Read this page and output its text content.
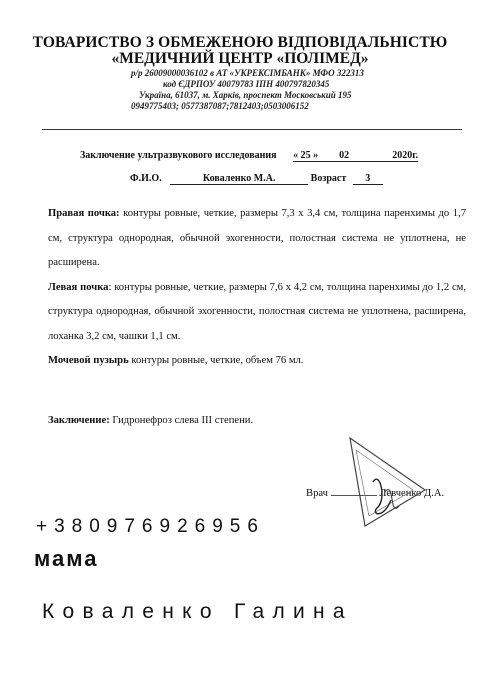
ТОВАРИСТВО З ОБМЕЖЕНОЮ ВІДПОВІДАЛЬНІСТЮ
«МЕДИЧНИЙ ЦЕНТР «ПОЛІМЕД»
р/р 26009000036102 в АТ «УКРЕКСІМБАНК» МФО 322313
код ЄДРПОУ 40079783 ІПН 400797820345
Україна, 61037, м. Харків, проспект Московський 195
0949775403; 0577387087;7812403;0503006152
Заключение ультразвукового исследования « 25 » 02	2020г.
Ф.И.О.	Коваленко М.А.	Возраст 3

Правая почка: контуры ровные, четкие, размеры 7,3 х 3,4 см, толщина паренхимы до 1,7 см, структура однородная, обычной эхогенности, полостная система не уплотнена, не расширена.

Левая почка: контуры ровные, четкие, размеры 7,6 х 4,2 см, толщина паренхимы до 1,2 см, структура однородная, обычной эхогенности, полостная система не уплотнена, расширена, лоханка 3,2 см, чашки 1,1 см.

Мочевой пузырь контуры ровные, четкие, объем 76 мл.

Заключение: Гидронефроз слева III степени.
Врач	Левченко Д.А.
+380976926956
мама
Коваленко Галина
